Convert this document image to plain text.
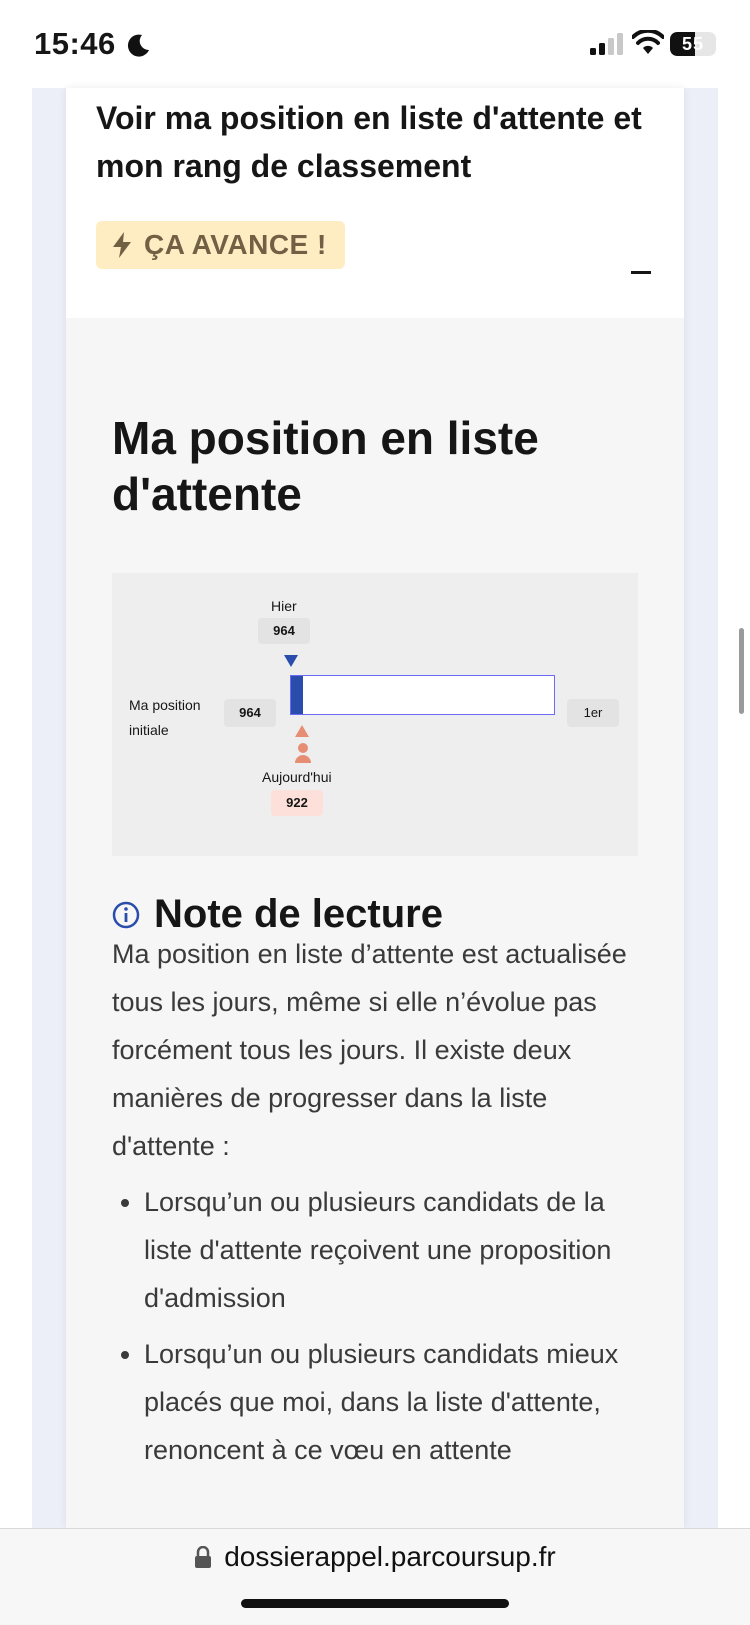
15:46	55
Voir ma position en liste d'attente et mon rang de classement
ÇA AVANCE !
Ma position en liste d'attente
Hier
964
Ma position initiale
964	1er
Aujourd'hui
922
Note de lecture

Ma position en liste d’attente est actualisée tous les jours, même si elle n’évolue pas forcément tous les jours. Il existe deux manières de progresser dans la liste d'attente :

• Lorsqu’un ou plusieurs candidats de la liste d'attente reçoivent une proposition d'admission
• Lorsqu’un ou plusieurs candidats mieux placés que moi, dans la liste d'attente, renoncent à ce vœu en attente
dossierappel.parcoursup.fr
